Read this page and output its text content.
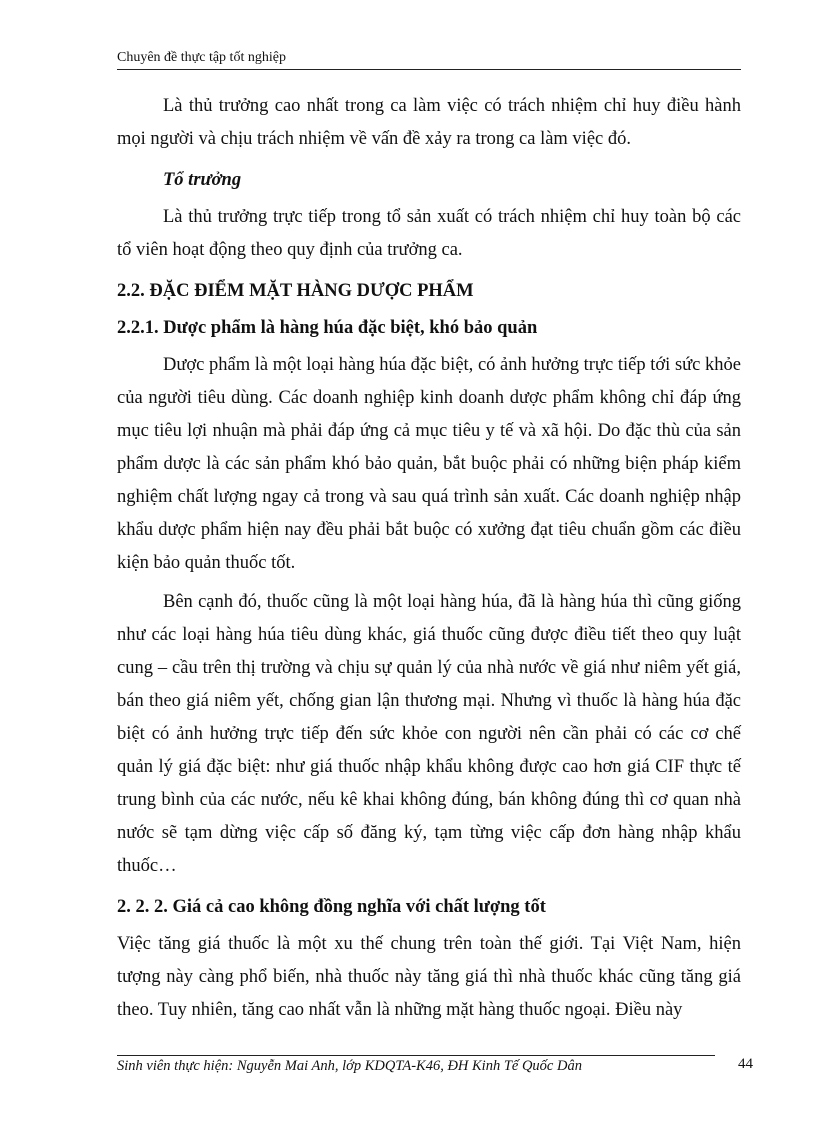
Chuyên đề thực tập tốt nghiệp

Là thủ trưởng cao nhất trong ca làm việc có trách nhiệm chỉ huy điều hành mọi người và chịu trách nhiệm về vấn đề xảy ra trong ca làm việc đó.

Tổ trưởng

Là thủ trưởng trực tiếp trong tổ sản xuất có trách nhiệm chỉ huy toàn bộ các tổ viên hoạt động theo quy định của trưởng ca.

2.2. ĐẶC ĐIỂM MẶT HÀNG DƯỢC PHẨM

2.2.1. Dược phẩm là hàng húa đặc biệt, khó bảo quản

Dược phẩm là một loại hàng húa đặc biệt, có ảnh hưởng trực tiếp tới sức khỏe của người tiêu dùng. Các doanh nghiệp kinh doanh dược phẩm không chỉ đáp ứng mục tiêu lợi nhuận mà phải đáp ứng cả mục tiêu y tế và xã hội. Do đặc thù của sản phẩm dược là các sản phẩm khó bảo quản, bắt buộc phải có những biện pháp kiểm nghiệm chất lượng ngay cả trong và sau quá trình sản xuất. Các doanh nghiệp nhập khẩu dược phẩm hiện nay đều phải bắt buộc có xưởng đạt tiêu chuẩn gồm các điều kiện bảo quản thuốc tốt.

Bên cạnh đó, thuốc cũng là một loại hàng húa, đã là hàng húa thì cũng giống như các loại hàng húa tiêu dùng khác, giá thuốc cũng được điều tiết theo quy luật cung – cầu trên thị trường và chịu sự quản lý của nhà nước về giá như niêm yết giá, bán theo giá niêm yết, chống gian lận thương mại. Nhưng vì thuốc là hàng húa đặc biệt có ảnh hưởng trực tiếp đến sức khỏe con người nên cần phải có các cơ chế quản lý giá đặc biệt: như giá thuốc nhập khẩu không được cao hơn giá CIF thực tế trung bình của các nước, nếu kê khai không đúng, bán không đúng thì cơ quan nhà nước sẽ tạm dừng việc cấp số đăng ký, tạm từng việc cấp đơn hàng nhập khẩu thuốc…

2. 2. 2. Giá cả cao không đồng nghĩa với chất lượng tốt

Việc tăng giá thuốc là một xu thế chung trên toàn thế giới. Tại Việt Nam, hiện tượng này càng phổ biến, nhà thuốc này tăng giá thì nhà thuốc khác cũng tăng giá theo. Tuy nhiên, tăng cao nhất vẫn là những mặt hàng thuốc ngoại. Điều này

Sinh viên thực hiện: Nguyễn Mai Anh, lớp KDQTA-K46, ĐH Kinh Tế Quốc Dân	44
